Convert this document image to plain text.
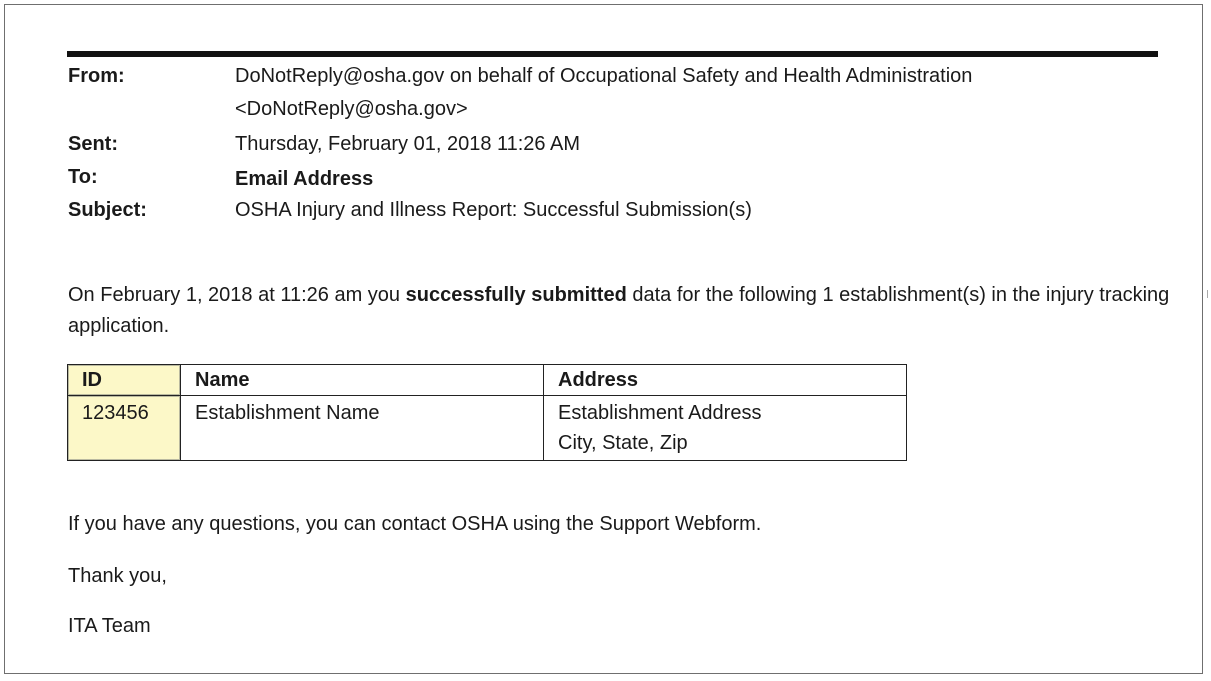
From:	DoNotReply@osha.gov on behalf of Occupational Safety and Health Administration
<DoNotReply@osha.gov>
Sent:	Thursday, February 01, 2018 11:26 AM
To:	Email Address
Subject:	OSHA Injury and Illness Report: Successful Submission(s)
On February 1, 2018 at 11:26 am you successfully submitted data for the following 1 establishment(s) in the injury tracking application.
ID	Name	Address
123456	Establishment Name	Establishment Address
City, State, Zip
If you have any questions, you can contact OSHA using the Support Webform.
Thank you,
ITA Team
